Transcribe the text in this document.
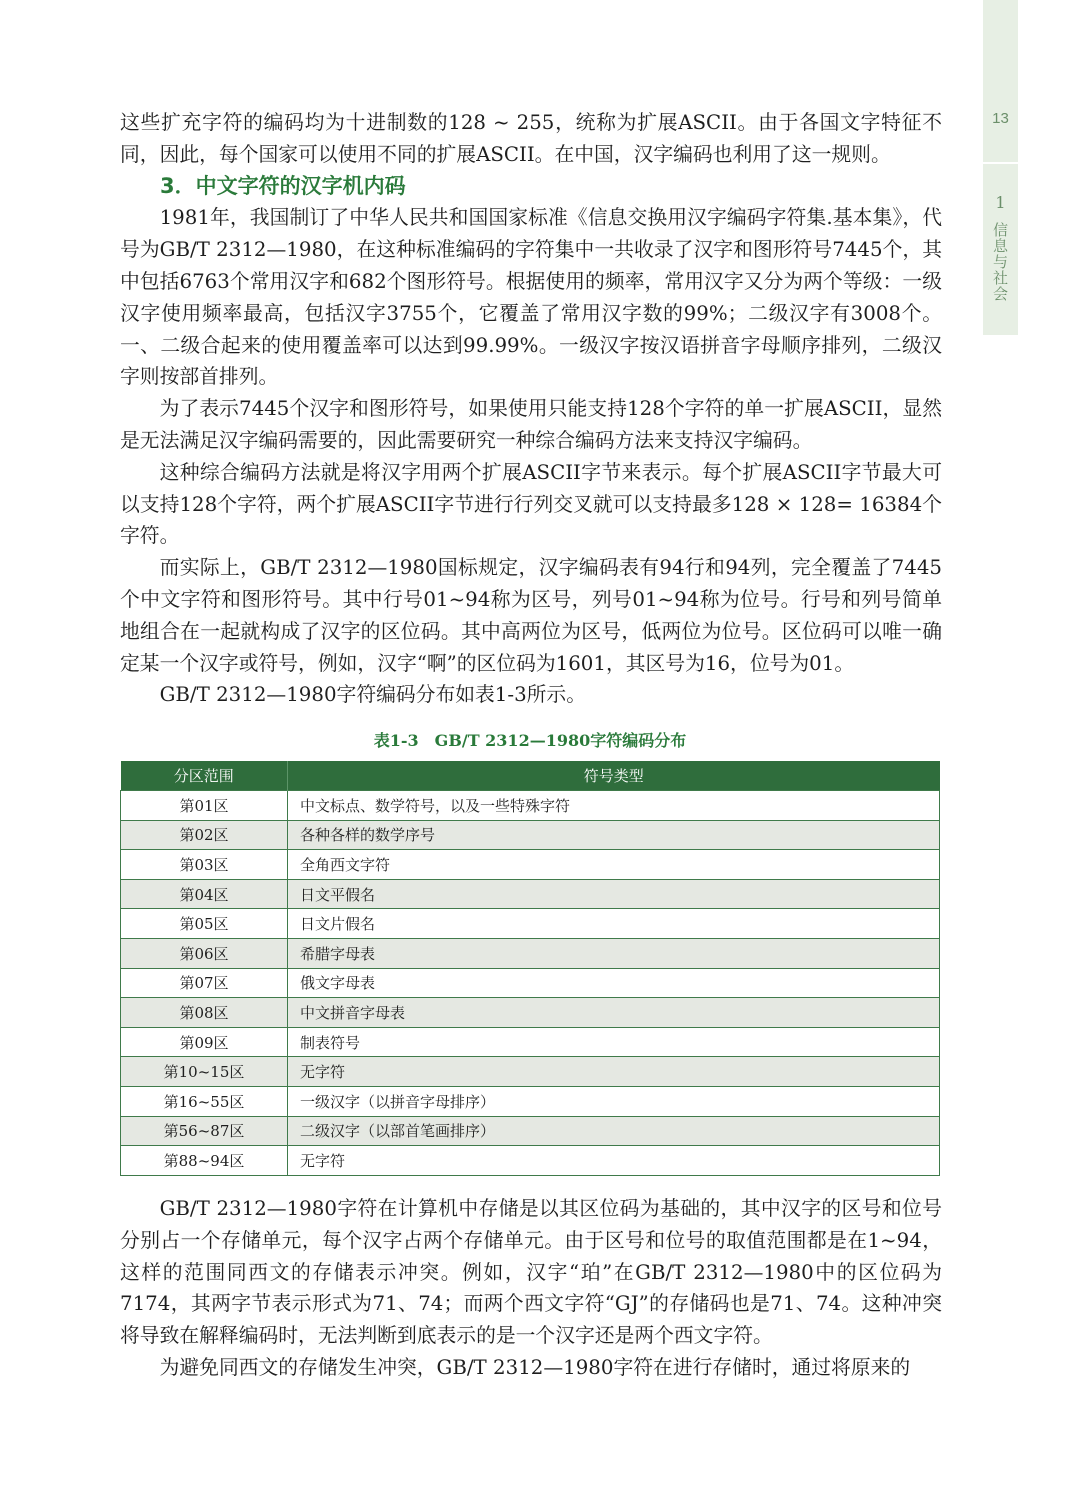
13
1
信息与社会

这些扩充字符的编码均为十进制数的128 ~ 255，统称为扩展ASCII。由于各国文字特征不同，因此，每个国家可以使用不同的扩展ASCII。在中国，汉字编码也利用了这一规则。

3．中文字符的汉字机内码

1981年，我国制订了中华人民共和国国家标准《信息交换用汉字编码字符集.基本集》，代号为GB/T 2312—1980，在这种标准编码的字符集中一共收录了汉字和图形符号7445个，其中包括6763个常用汉字和682个图形符号。根据使用的频率，常用汉字又分为两个等级：一级汉字使用频率最高，包括汉字3755个，它覆盖了常用汉字数的99%；二级汉字有3008个。一、二级合起来的使用覆盖率可以达到99.99%。一级汉字按汉语拼音字母顺序排列，二级汉字则按部首排列。

为了表示7445个汉字和图形符号，如果使用只能支持128个字符的单一扩展ASCII，显然是无法满足汉字编码需要的，因此需要研究一种综合编码方法来支持汉字编码。

这种综合编码方法就是将汉字用两个扩展ASCII字节来表示。每个扩展ASCII字节最大可以支持128个字符，两个扩展ASCII字节进行行列交叉就可以支持最多128 × 128= 16384个字符。

而实际上，GB/T 2312—1980国标规定，汉字编码表有94行和94列，完全覆盖了7445个中文字符和图形符号。其中行号01~94称为区号，列号01~94称为位号。行号和列号简单地组合在一起就构成了汉字的区位码。其中高两位为区号，低两位为位号。区位码可以唯一确定某一个汉字或符号，例如，汉字“啊”的区位码为1601，其区号为16，位号为01。

GB/T 2312—1980字符编码分布如表1-3所示。

表1-3　GB/T 2312—1980字符编码分布
分区范围	符号类型
第01区	中文标点、数学符号，以及一些特殊字符
第02区	各种各样的数学序号
第03区	全角西文字符
第04区	日文平假名
第05区	日文片假名
第06区	希腊字母表
第07区	俄文字母表
第08区	中文拼音字母表
第09区	制表符号
第10~15区	无字符
第16~55区	一级汉字（以拼音字母排序）
第56~87区	二级汉字（以部首笔画排序）
第88~94区	无字符

GB/T 2312—1980字符在计算机中存储是以其区位码为基础的，其中汉字的区号和位号分别占一个存储单元，每个汉字占两个存储单元。由于区号和位号的取值范围都是在1~94，这样的范围同西文的存储表示冲突。例如，汉字“珀”在GB/T 2312—1980中的区位码为7174，其两字节表示形式为71、74；而两个西文字符“GJ”的存储码也是71、74。这种冲突将导致在解释编码时，无法判断到底表示的是一个汉字还是两个西文字符。

为避免同西文的存储发生冲突，GB/T 2312—1980字符在进行存储时，通过将原来的
